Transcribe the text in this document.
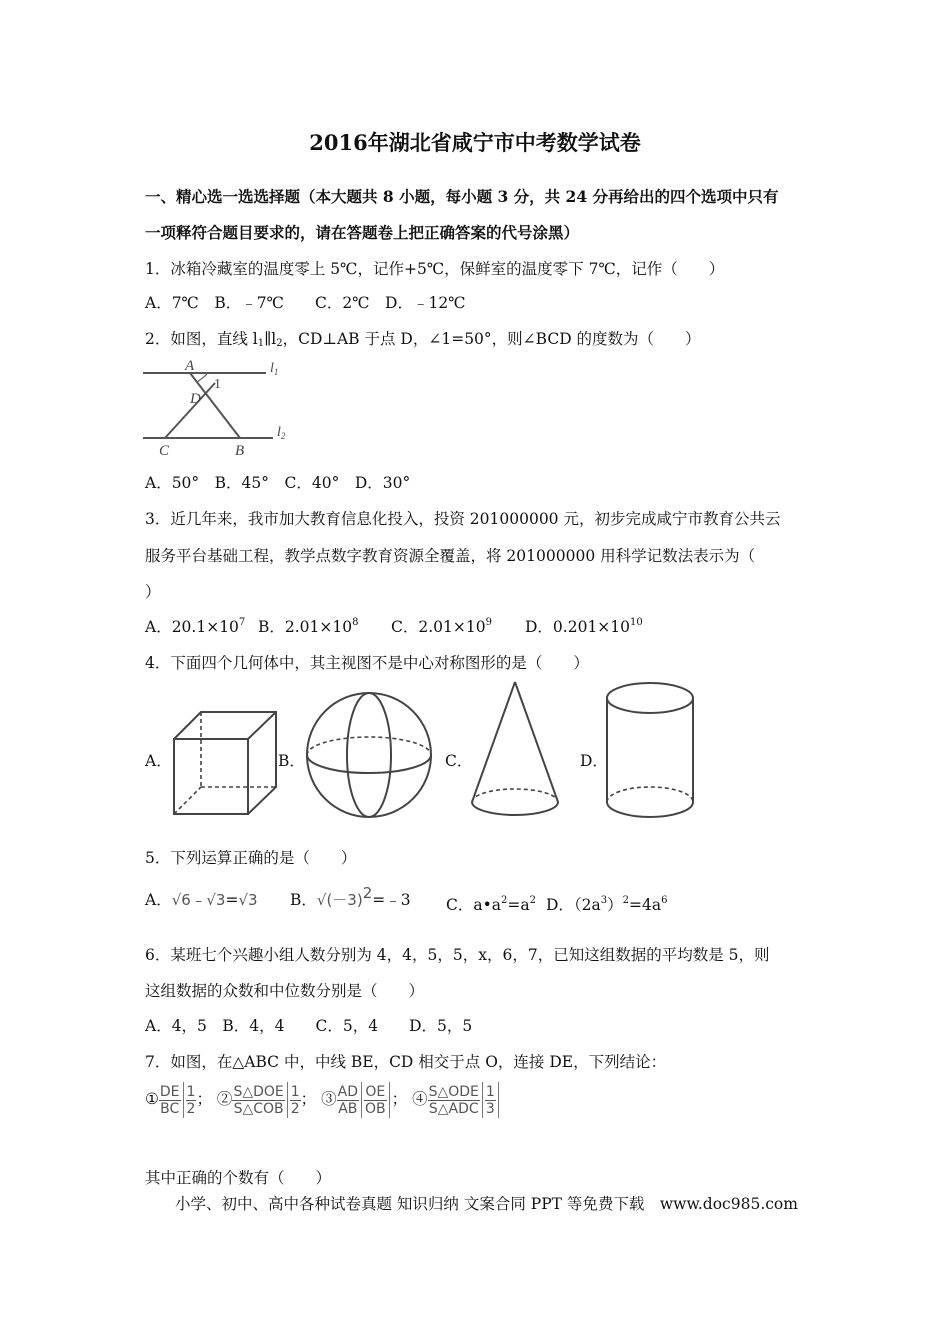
2016年湖北省咸宁市中考数学试卷
一、精心选一选选择题（本大题共 8 小题，每小题 3 分，共 24 分再给出的四个选项中只有
一项释符合题目要求的，请在答题卷上把正确答案的代号涂黑）
1．冰箱冷藏室的温度零上 5℃，记作+5℃，保鲜室的温度零下 7℃，记作（　　）
A．7℃　B．﹣7℃　　C．2℃　D．﹣12℃
2．如图，直线 $l_1\parallel l_2$，CD⊥AB 于点 D，∠1=50°，则∠BCD 的度数为（　　）
A
1
D
C	B
$l_1$
$l_2$
A．50°　B．45°　C．40°　D．30°
3．近几年来，我市加大教育信息化投入，投资 201000000 元，初步完成咸宁市教育公共云
服务平台基础工程，教学点数字教育资源全覆盖，将 201000000 用科学记数法表示为（
）
A．$20.1\times 10^7$ B．$2.01\times 10^8$ C．$2.01\times 10^9$ D．$0.201\times 10^{10}$
4．下面四个几何体中，其主视图不是中心对称图形的是（　　）
A．	B．	C．	D．
5．下列运算正确的是（　　）
A．√6﹣√3=√3 B．$√(-3)^2=﹣3$ C．$a•a^2=a^2$ D．$(2a^3)^2=4a^6$
6．某班七个兴趣小组人数分别为 4，4，5，5，x，6，7，已知这组数据的平均数是 5，则
这组数据的众数和中位数分别是（　　）
A．4，5　B．4，4　　C．5，4　　D．5，5
7．如图，在△ABC 中，中线 BE，CD 相交于点 O，连接 DE，下列结论：
① $\frac{DE}{BC} \frac{1}{2}$ ； ② $\frac{\text{S△DOE}}{\text{S△COB}} \frac{1}{2}$ ； ③ $\frac{AD}{AB} \frac{OE}{OB}$ ； ④ $\frac{\text{S△ODE}}{\text{S△ADC}} \frac{1}{3}$
其中正确的个数有（　　）
小学、初中、高中各种试卷真题 知识归纳 文案合同 PPT 等免费下载　www.doc985.com
